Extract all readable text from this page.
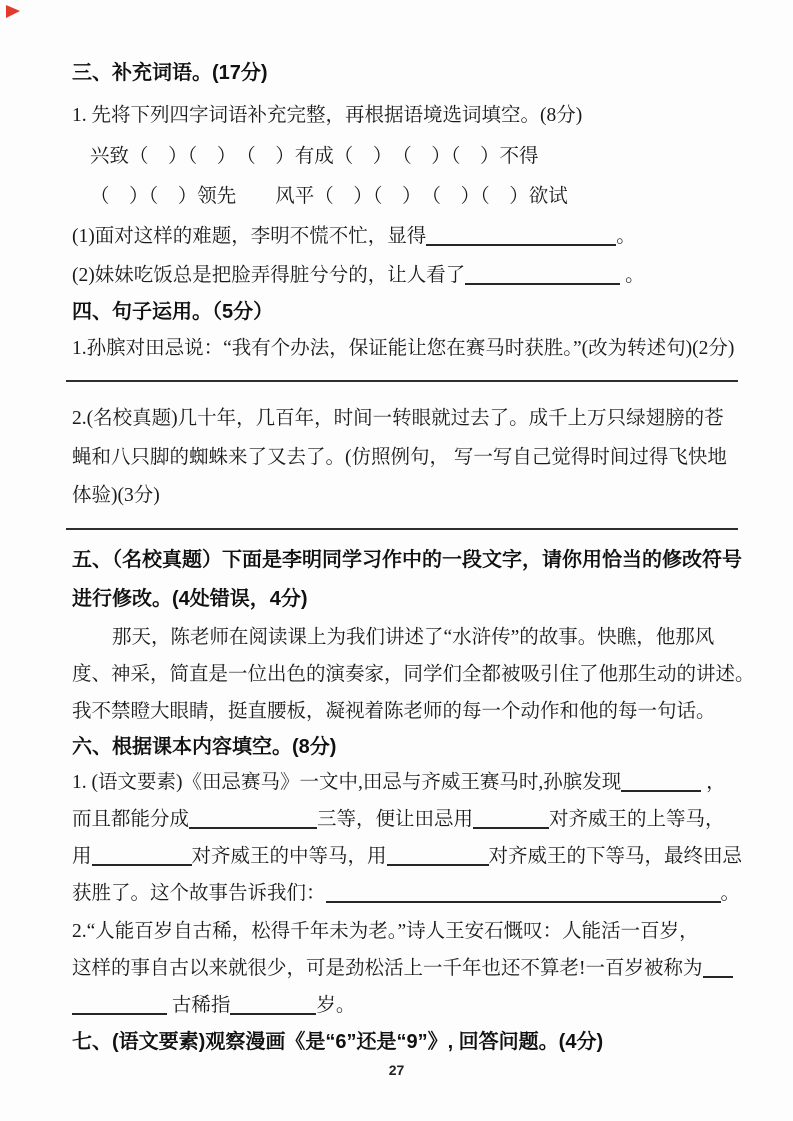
三、补充词语。(17分)
1. 先将下列四字词语补充完整，再根据语境选词填空。(8分)
兴致（　）（　）　（　）有成（　）　（　）（　）不得
（　）（　）领先　　风平（　）（　）　（　）（　）欲试
(1)面对这样的难题，李明不慌不忙，显得	。
(2)妹妹吃饭总是把脸弄得脏兮兮的，让人看了	。
四、句子运用。（5分）
1.孙膑对田忌说：“我有个办法，保证能让您在赛马时获胜。”(改为转述句)(2分)
2.(名校真题)几十年，几百年，时间一转眼就过去了。成千上万只绿翅膀的苍
蝇和八只脚的蜘蛛来了又去了。(仿照例句， 写一写自己觉得时间过得飞快地
体验)(3分)
五、（名校真题）下面是李明同学习作中的一段文字，请你用恰当的修改符号
进行修改。(4处错误，4分)
那天，陈老师在阅读课上为我们讲述了“水浒传”的故事。快瞧，他那风
度、神采，简直是一位出色的演奏家，同学们全都被吸引住了他那生动的讲述。
我不禁瞪大眼睛，挺直腰板，凝视着陈老师的每一个动作和他的每一句话。
六、根据课本内容填空。(8分)
1. (语文要素)《田忌赛马》一文中,田忌与齐威王赛马时,孙膑发现	，
而且都能分成	三等，便让田忌用	对齐威王的上等马，
用	对齐威王的中等马，用	对齐威王的下等马，最终田忌
获胜了。这个故事告诉我们：	。
2.“人能百岁自古稀，松得千年未为老。”诗人王安石慨叹：人能活一百岁，
这样的事自古以来就很少，可是劲松活上一千年也还不算老!一百岁被称为
古稀指	岁。
七、(语文要素)观察漫画《是“6”还是“9”》, 回答问题。(4分)
27
